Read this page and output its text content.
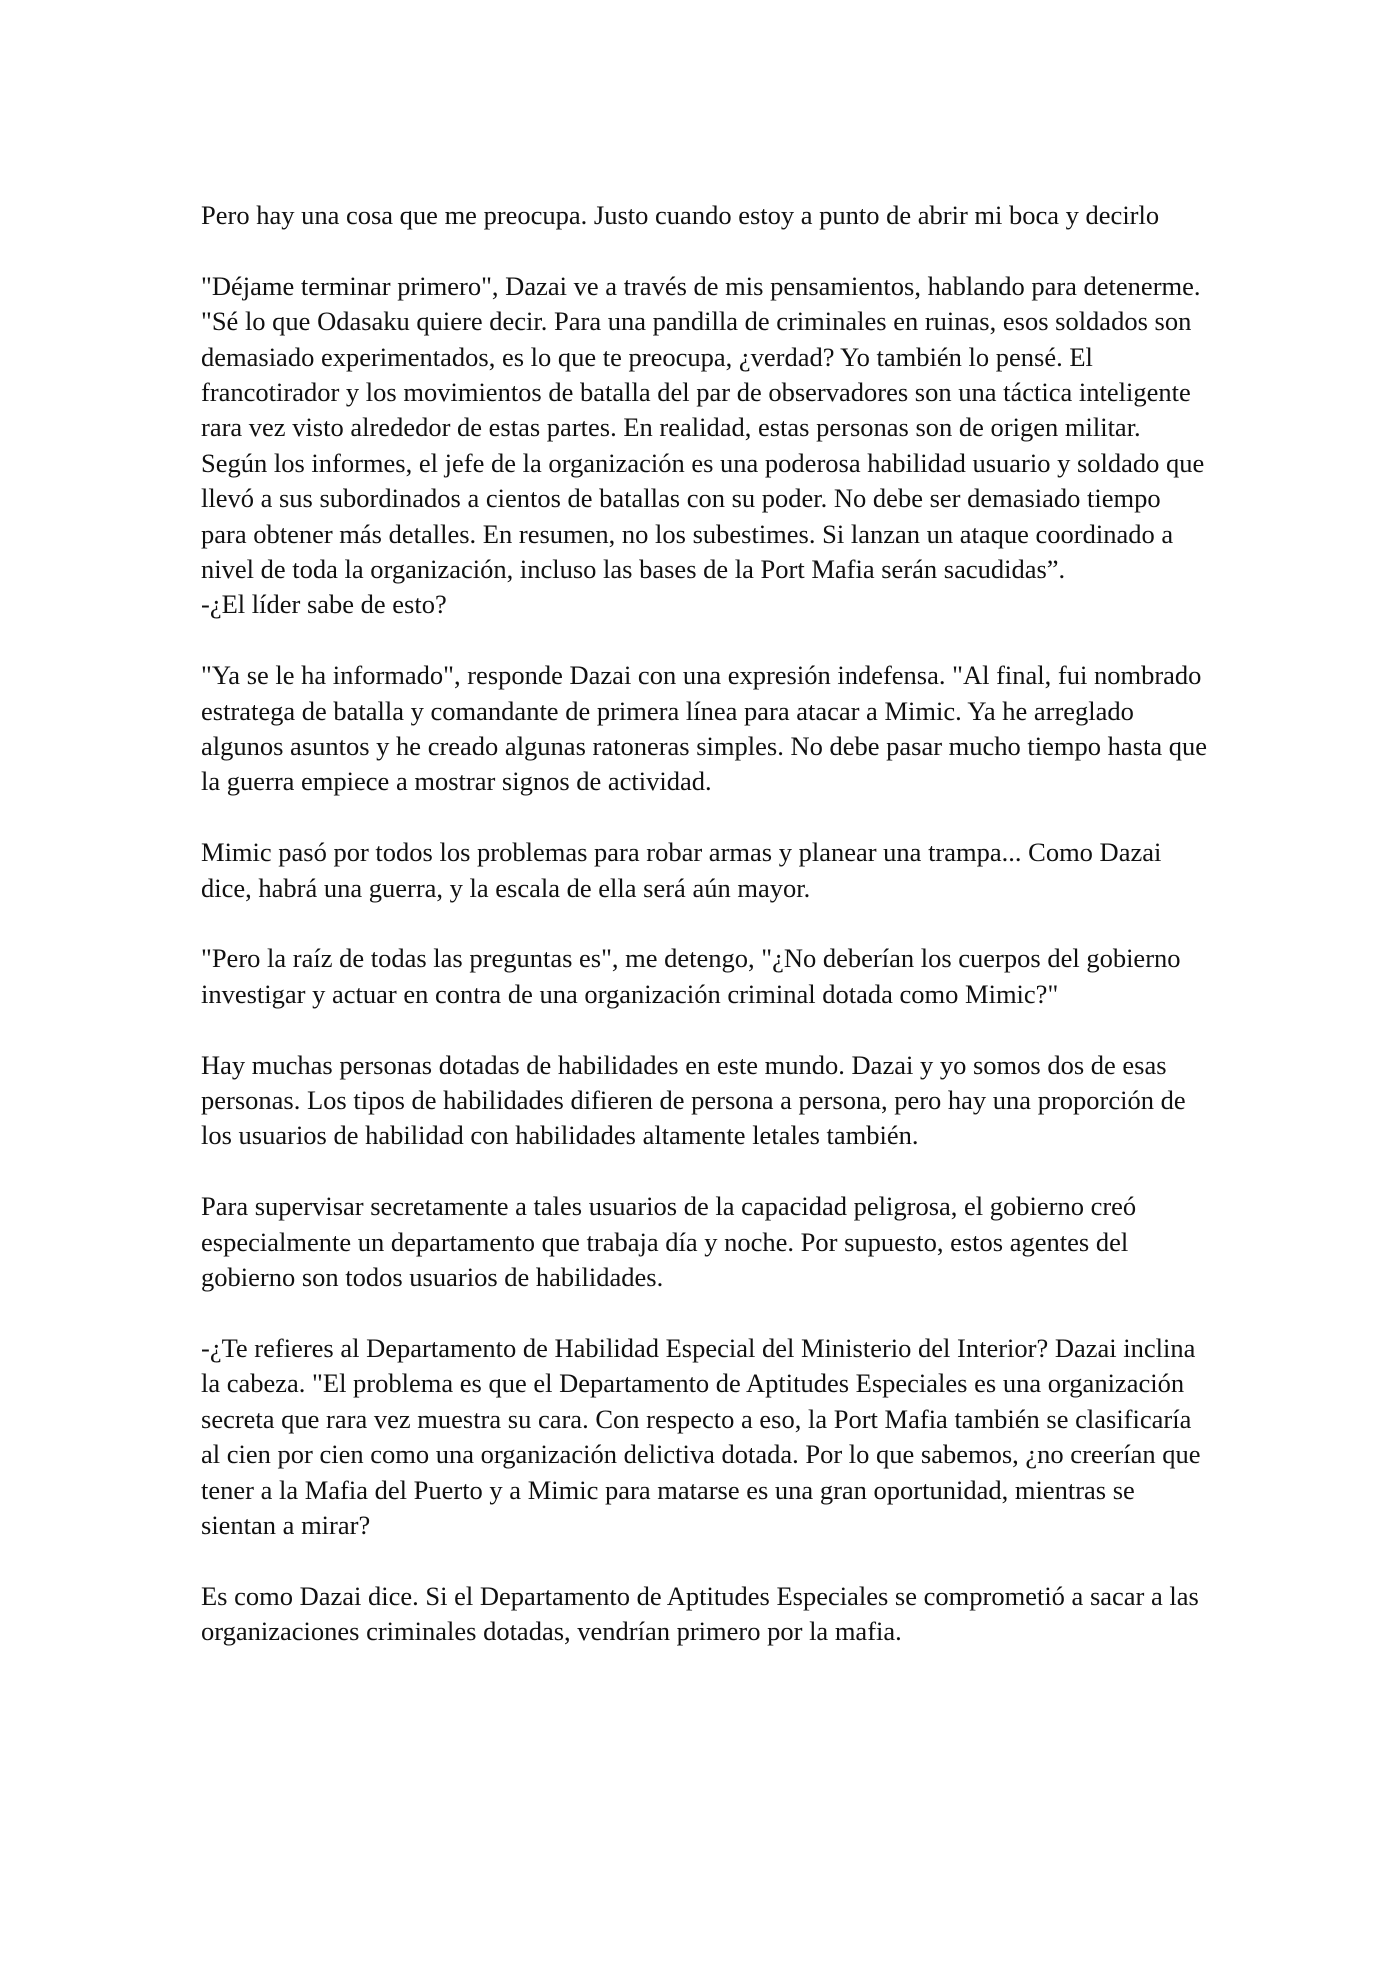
Pero hay una cosa que me preocupa. Justo cuando estoy a punto de abrir mi boca y decirlo

"Déjame terminar primero", Dazai ve a través de mis pensamientos, hablando para detenerme. "Sé lo que Odasaku quiere decir. Para una pandilla de criminales en ruinas, esos soldados son demasiado experimentados, es lo que te preocupa, ¿verdad? Yo también lo pensé. El francotirador y los movimientos de batalla del par de observadores son una táctica inteligente rara vez visto alrededor de estas partes. En realidad, estas personas son de origen militar. Según los informes, el jefe de la organización es una poderosa habilidad usuario y soldado que llevó a sus subordinados a cientos de batallas con su poder. No debe ser demasiado tiempo para obtener más detalles. En resumen, no los subestimes. Si lanzan un ataque coordinado a nivel de toda la organización, incluso las bases de la Port Mafia serán sacudidas”.

-¿El líder sabe de esto?

"Ya se le ha informado", responde Dazai con una expresión indefensa. "Al final, fui nombrado estratega de batalla y comandante de primera línea para atacar a Mimic. Ya he arreglado algunos asuntos y he creado algunas ratoneras simples. No debe pasar mucho tiempo hasta que la guerra empiece a mostrar signos de actividad.

Mimic pasó por todos los problemas para robar armas y planear una trampa... Como Dazai dice, habrá una guerra, y la escala de ella será aún mayor.

"Pero la raíz de todas las preguntas es", me detengo, "¿No deberían los cuerpos del gobierno investigar y actuar en contra de una organización criminal dotada como Mimic?"

Hay muchas personas dotadas de habilidades en este mundo. Dazai y yo somos dos de esas personas. Los tipos de habilidades difieren de persona a persona, pero hay una proporción de los usuarios de habilidad con habilidades altamente letales también.

Para supervisar secretamente a tales usuarios de la capacidad peligrosa, el gobierno creó especialmente un departamento que trabaja día y noche. Por supuesto, estos agentes del gobierno son todos usuarios de habilidades.

-¿Te refieres al Departamento de Habilidad Especial del Ministerio del Interior? Dazai inclina la cabeza. "El problema es que el Departamento de Aptitudes Especiales es una organización secreta que rara vez muestra su cara. Con respecto a eso, la Port Mafia también se clasificaría al cien por cien como una organización delictiva dotada. Por lo que sabemos, ¿no creerían que tener a la Mafia del Puerto y a Mimic para matarse es una gran oportunidad, mientras se sientan a mirar?

Es como Dazai dice. Si el Departamento de Aptitudes Especiales se comprometió a sacar a las organizaciones criminales dotadas, vendrían primero por la mafia.
